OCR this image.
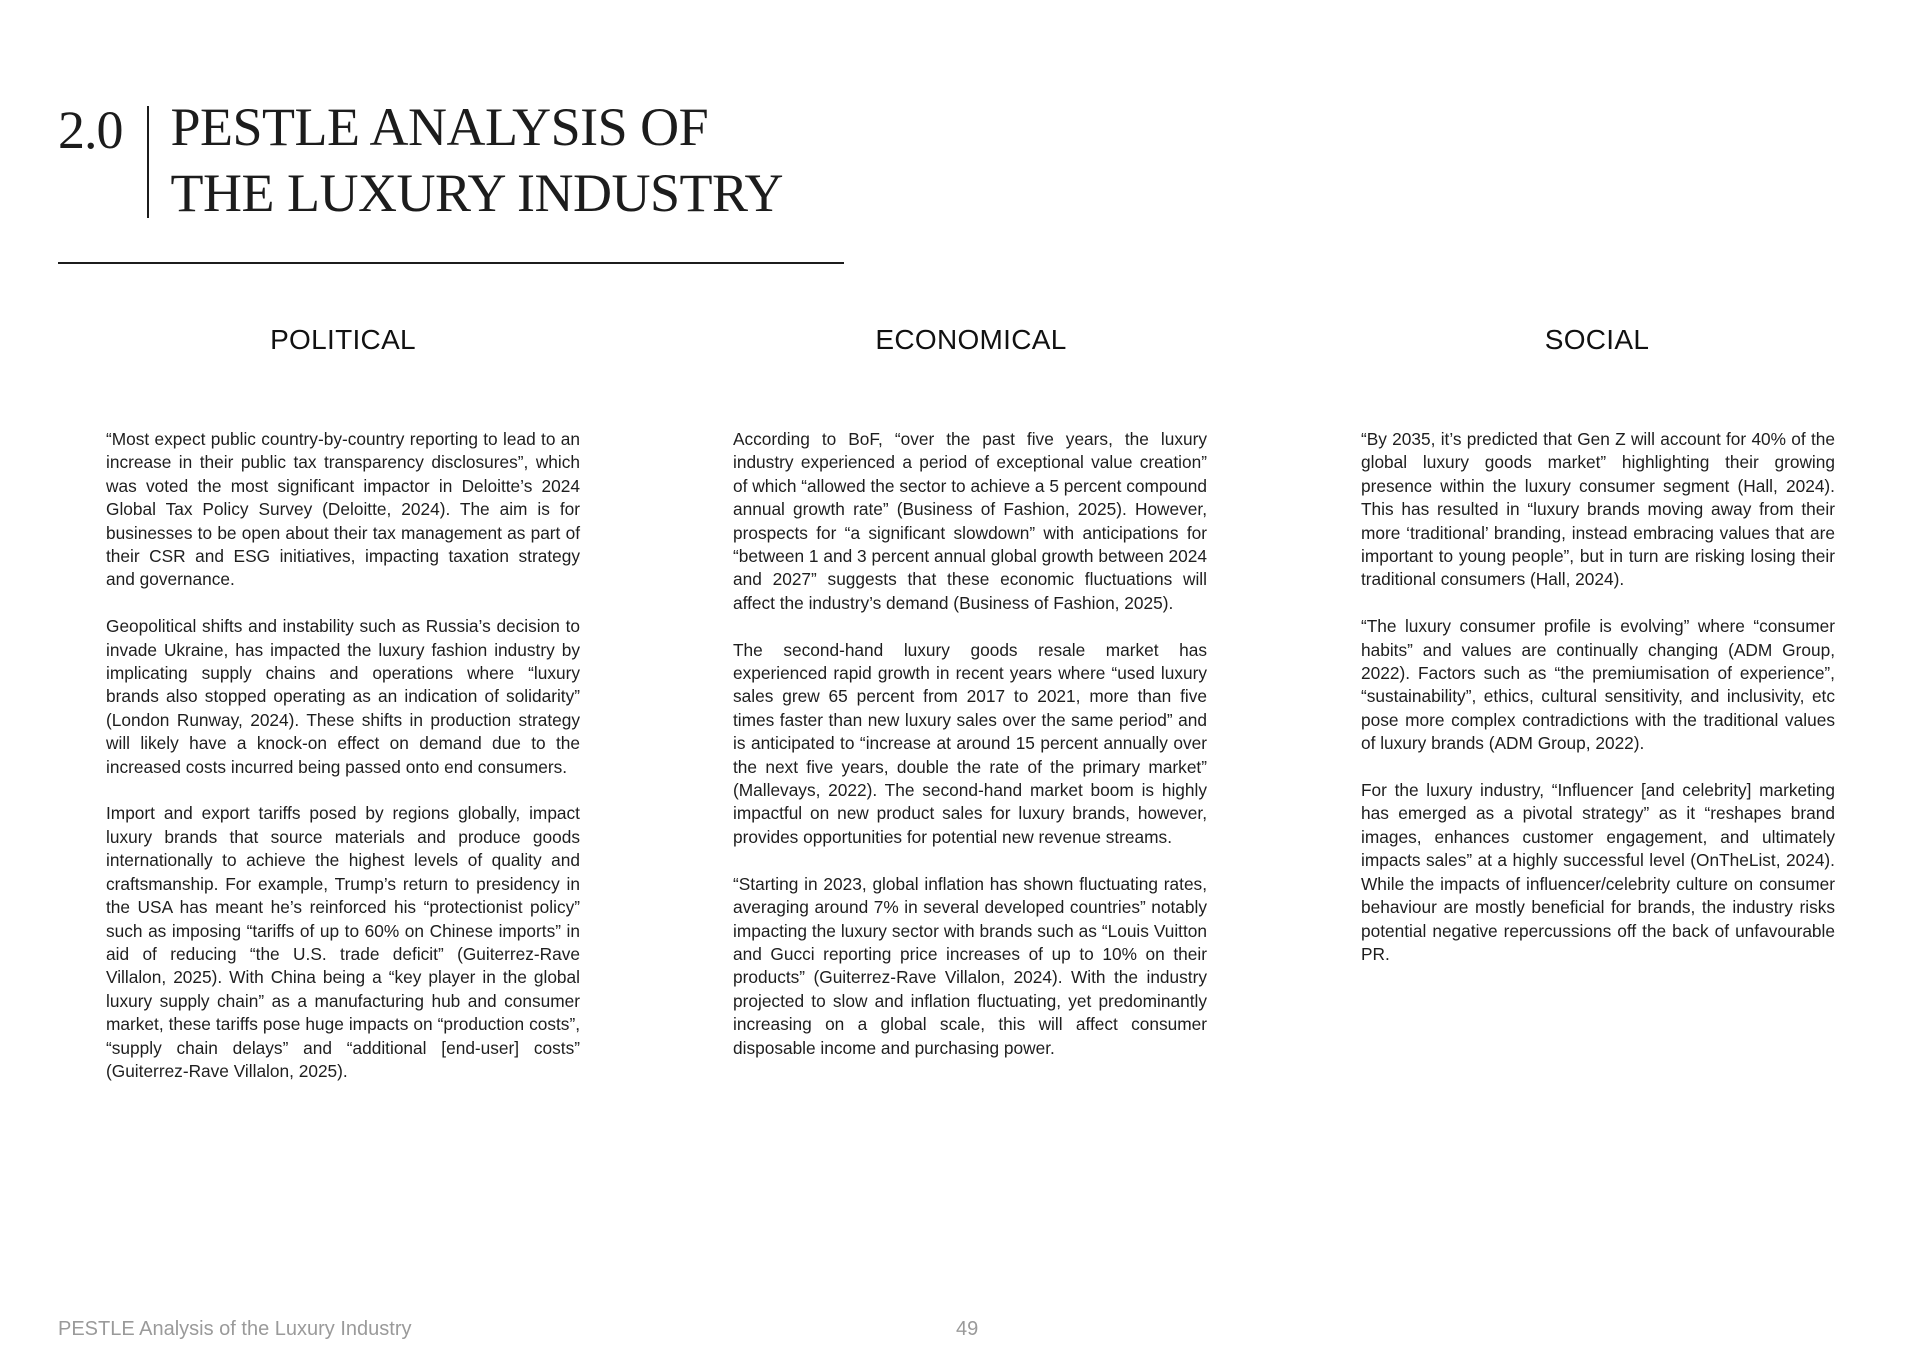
2.0 PESTLE ANALYSIS OF
THE LUXURY INDUSTRY
POLITICAL	ECONOMICAL	SOCIAL

“Most expect public country-by-country reporting to lead to an increase in their public tax transparency disclosures”, which was voted the most significant impactor in Deloitte’s 2024 Global Tax Policy Survey (Deloitte, 2024). The aim is for businesses to be open about their tax management as part of their CSR and ESG initiatives, impacting taxation strategy and governance.

Geopolitical shifts and instability such as Russia’s decision to invade Ukraine, has impacted the luxury fashion industry by implicating supply chains and operations where “luxury brands also stopped operating as an indication of solidarity” (London Runway, 2024). These shifts in production strategy will likely have a knock-on effect on demand due to the increased costs incurred being passed onto end consumers.

Import and export tariffs posed by regions globally, impact luxury brands that source materials and produce goods internationally to achieve the highest levels of quality and craftsmanship. For example, Trump’s return to presidency in the USA has meant he’s reinforced his “protectionist policy” such as imposing “tariffs of up to 60% on Chinese imports” in aid of reducing “the U.S. trade deficit” (Guiterrez-Rave Villalon, 2025). With China being a “key player in the global luxury supply chain” as a manufacturing hub and consumer market, these tariffs pose huge impacts on “production costs”, “supply chain delays” and “additional [end-user] costs” (Guiterrez-Rave Villalon, 2025).

According to BoF, “over the past five years, the luxury industry experienced a period of exceptional value creation” of which “allowed the sector to achieve a 5 percent compound annual growth rate” (Business of Fashion, 2025). However, prospects for “a significant slowdown” with anticipations for “between 1 and 3 percent annual global growth between 2024 and 2027” suggests that these economic fluctuations will affect the industry’s demand (Business of Fashion, 2025).

The second-hand luxury goods resale market has experienced rapid growth in recent years where “used luxury sales grew 65 percent from 2017 to 2021, more than five times faster than new luxury sales over the same period” and is anticipated to “increase at around 15 percent annually over the next five years, double the rate of the primary market” (Mallevays, 2022). The second-hand market boom is highly impactful on new product sales for luxury brands, however, provides opportunities for potential new revenue streams.

“Starting in 2023, global inflation has shown fluctuating rates, averaging around 7% in several developed countries” notably impacting the luxury sector with brands such as “Louis Vuitton and Gucci reporting price increases of up to 10% on their products” (Guiterrez-Rave Villalon, 2024). With the industry projected to slow and inflation fluctuating, yet predominantly increasing on a global scale, this will affect consumer disposable income and purchasing power.

“By 2035, it’s predicted that Gen Z will account for 40% of the global luxury goods market” highlighting their growing presence within the luxury consumer segment (Hall, 2024). This has resulted in “luxury brands moving away from their more ‘traditional’ branding, instead embracing values that are important to young people”, but in turn are risking losing their traditional consumers (Hall, 2024).

“The luxury consumer profile is evolving” where “consumer habits” and values are continually changing (ADM Group, 2022). Factors such as “the premiumisation of experience”, “sustainability”, ethics, cultural sensitivity, and inclusivity, etc pose more complex contradictions with the traditional values of luxury brands (ADM Group, 2022).

For the luxury industry, “Influencer [and celebrity] marketing has emerged as a pivotal strategy” as it “reshapes brand images, enhances customer engagement, and ultimately impacts sales” at a highly successful level (OnTheList, 2024). While the impacts of influencer/celebrity culture on consumer behaviour are mostly beneficial for brands, the industry risks potential negative repercussions off the back of unfavourable PR.

PESTLE Analysis of the Luxury Industry	49
